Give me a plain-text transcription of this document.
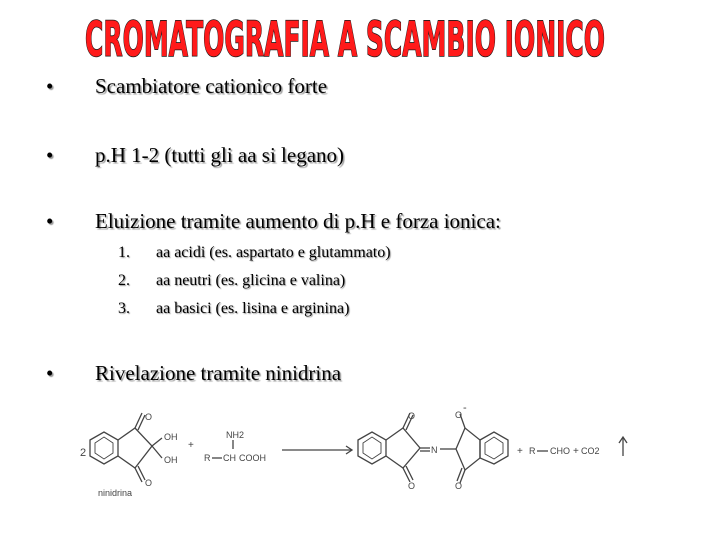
CROMATOGRAFIA A SCAMBIO IONICO
• Scambiatore cationico forte
• p.H 1-2 (tutti gli aa si legano)
• Eluizione tramite aumento di p.H e forza ionica:
1. aa acidi (es. aspartato e glutammato)
2. aa neutri (es. glicina e valina)
3. aa basici (es. lisina e arginina)
• Rivelazione tramite ninidrina
O
OH
OH
O
2
ninidrina
+
NH2
R CH COOH
O
O
N
O
-
O
+ R CHO + CO2
